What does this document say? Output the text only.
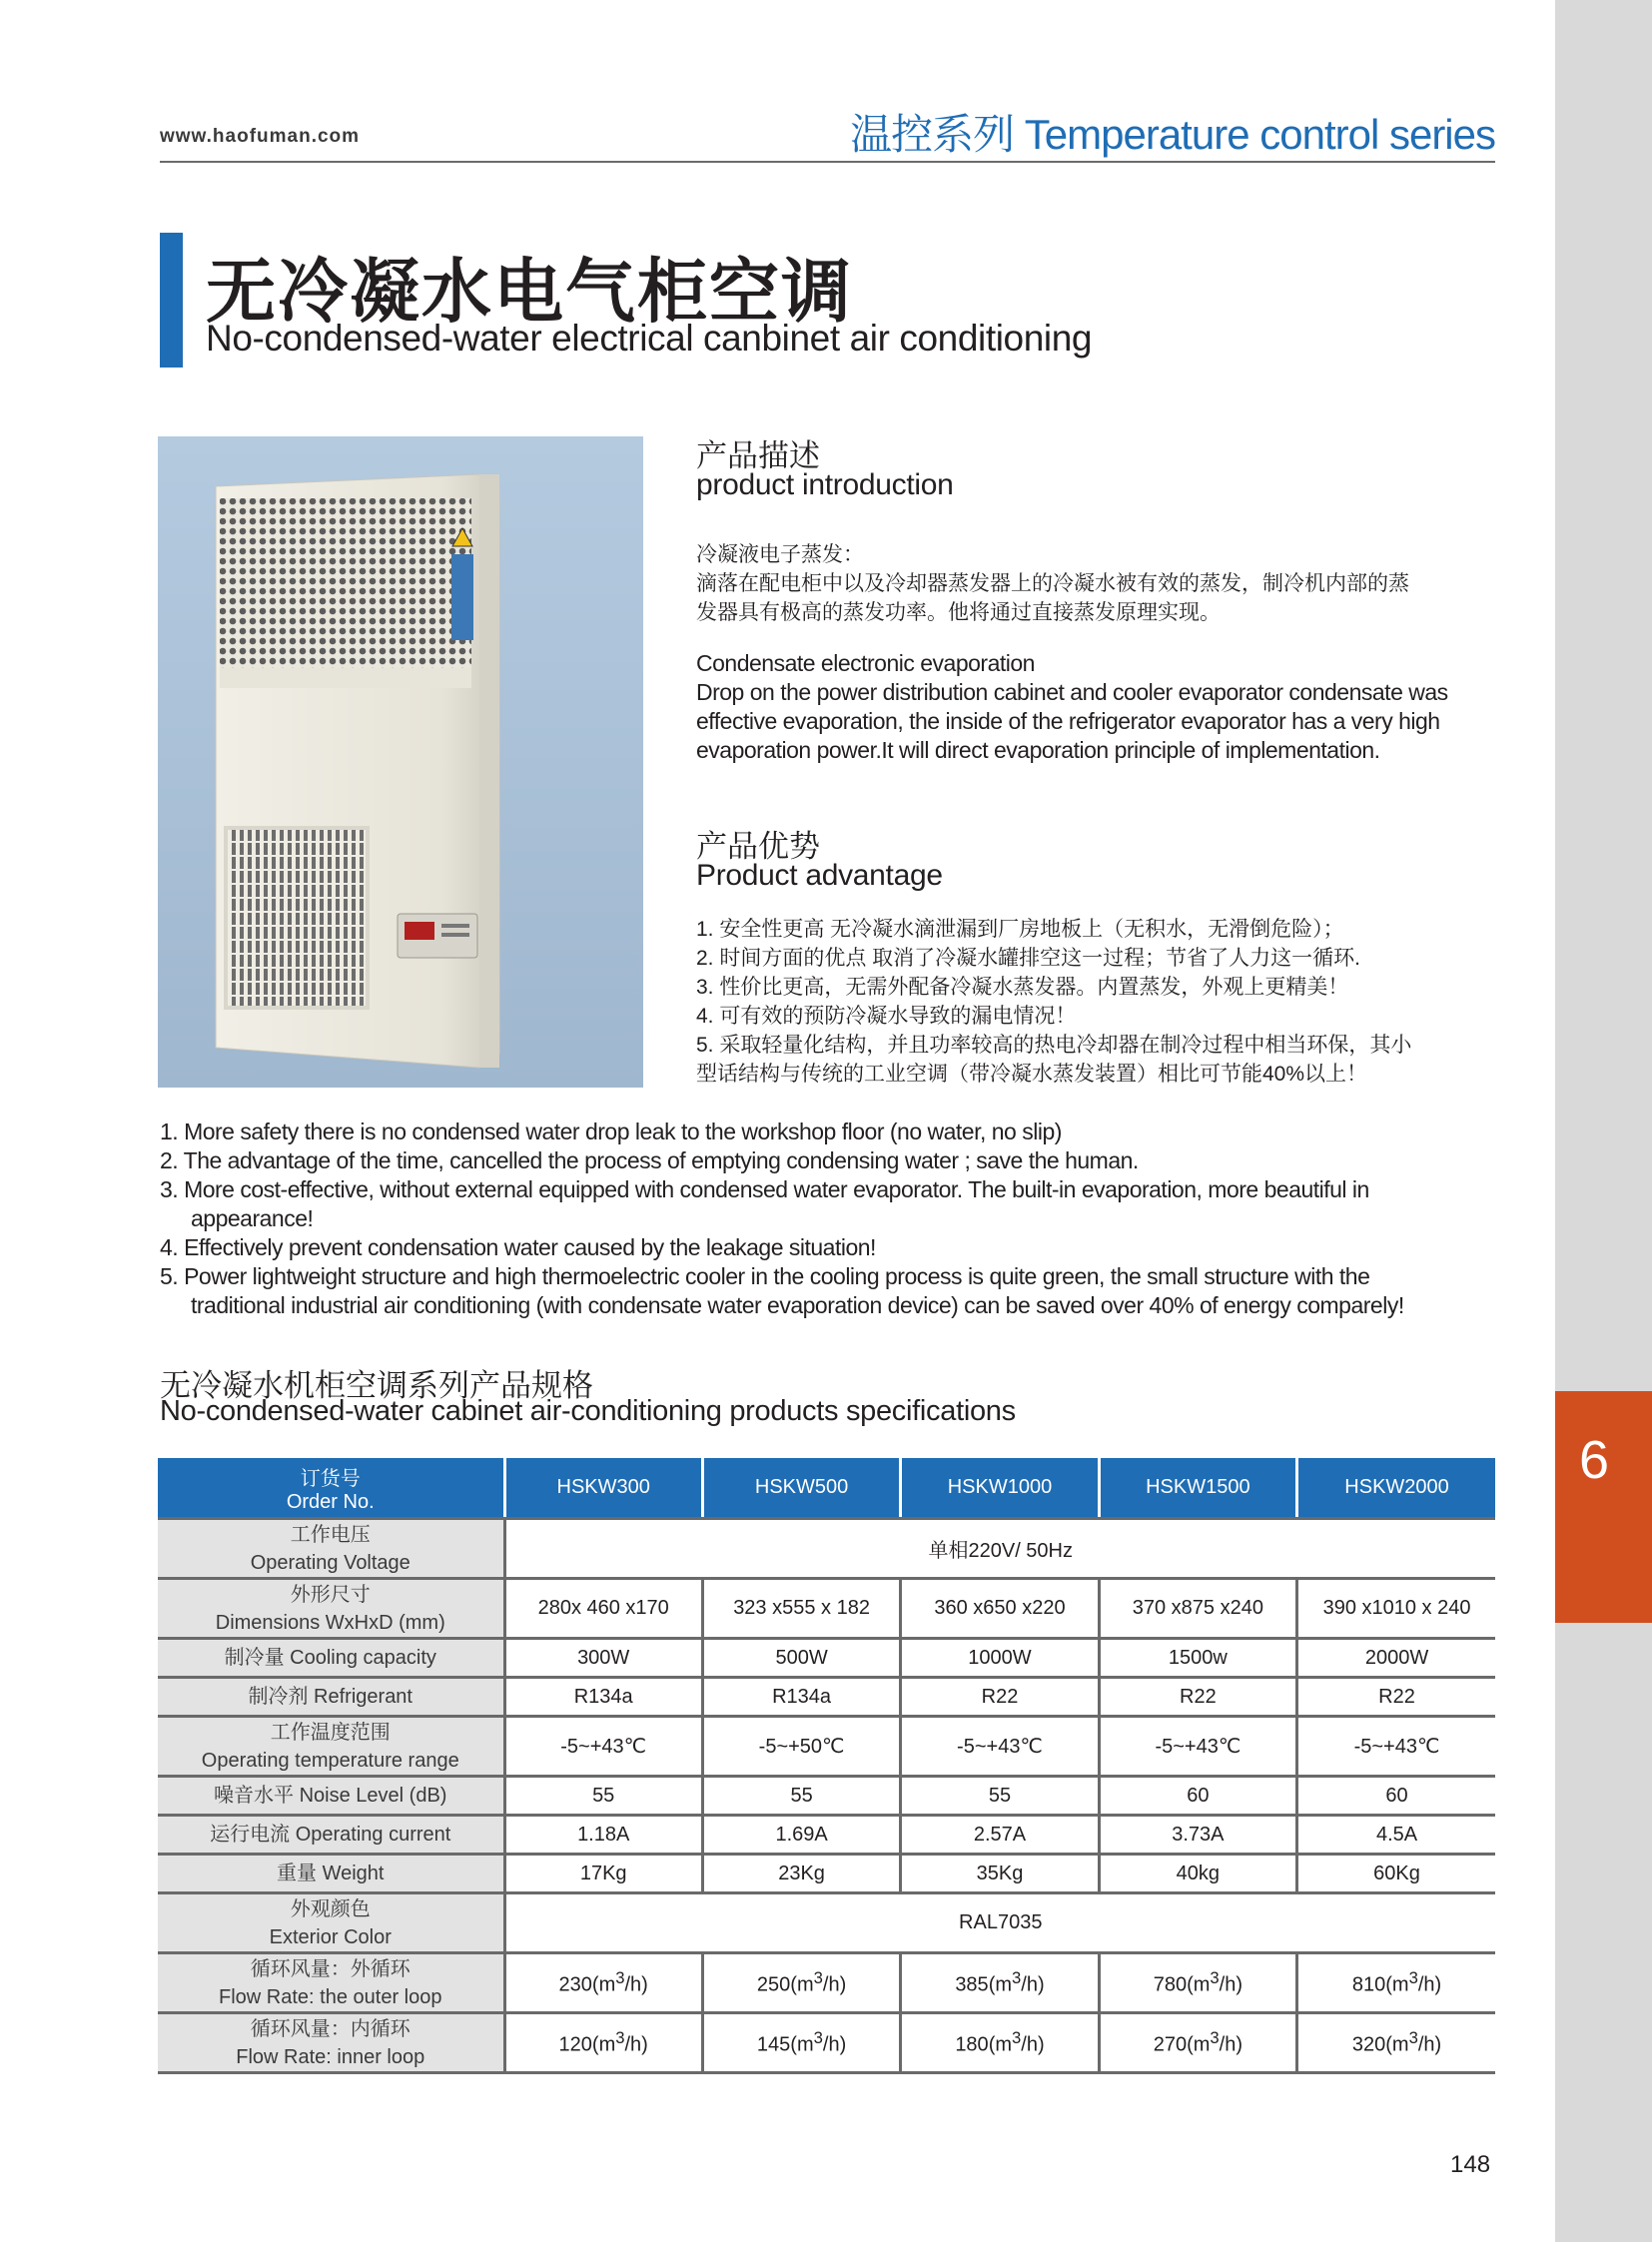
6
www.haofuman.com	温控系列 Temperature control series
无冷凝水电气柜空调
No-condensed-water electrical canbinet air conditioning
产品描述
product introduction
冷凝液电子蒸发：
滴落在配电柜中以及冷却器蒸发器上的冷凝水被有效的蒸发，制冷机内部的蒸
发器具有极高的蒸发功率。他将通过直接蒸发原理实现。
Condensate electronic evaporation
Drop on the power distribution cabinet and cooler evaporator condensate was
effective evaporation, the inside of the refrigerator evaporator has a very high
evaporation power.It will direct evaporation principle of implementation.
产品优势
Product advantage
1. 安全性更高 无冷凝水滴泄漏到厂房地板上（无积水，无滑倒危险）；
2. 时间方面的优点 取消了冷凝水罐排空这一过程；节省了人力这一循环.
3. 性价比更高，无需外配备冷凝水蒸发器。内置蒸发，外观上更精美！
4. 可有效的预防冷凝水导致的漏电情况！
5. 采取轻量化结构，并且功率较高的热电冷却器在制冷过程中相当环保，其小
型话结构与传统的工业空调（带冷凝水蒸发装置）相比可节能40%以上！
1. More safety there is no condensed water drop leak to the workshop floor (no water, no slip)
2. The advantage of the time, cancelled the process of emptying condensing water ; save the human.
3. More cost-effective, without external equipped with condensed water evaporator. The built-in evaporation, more beautiful in
appearance!
4. Effectively prevent condensation water caused by the leakage situation!
5. Power lightweight structure and high thermoelectric cooler in the cooling process is quite green, the small structure with the
traditional industrial air conditioning (with condensate water evaporation device) can be saved over 40% of energy comparely!
无冷凝水机柜空调系列产品规格
No-condensed-water cabinet air-conditioning products specifications
订货号
Order No.	HSKW300	HSKW500	HSKW1000	HSKW1500	HSKW2000

工作电压
Operating Voltage	单相220V/ 50Hz				

外形尺寸
Dimensions WxHxD (mm)	280x 460 x170	323 x555 x 182	360 x650 x220	370 x875 x240	390 x1010 x 240
制冷量 Cooling capacity	300W	500W	1000W	1500w	2000W
制冷剂 Refrigerant	R134a	R134a	R22	R22	R22

工作温度范围
Operating temperature range	-5~+43℃	-5~+50℃	-5~+43℃	-5~+43℃	-5~+43℃
噪音水平 Noise Level (dB)	55	55	55	60	60
运行电流 Operating current	1.18A	1.69A	2.57A	3.73A	4.5A
重量 Weight	17Kg	23Kg	35Kg	40kg	60Kg

外观颜色
Exterior Color	RAL7035				

循环风量：外循环
Flow Rate: the outer loop	$230(m^3/h)$	$250(m^3/h)$	$385(m^3/h)$	$780(m^3/h)$	$810(m^3/h)$

循环风量：内循环
Flow Rate: inner loop	$120(m^3/h)$	$145(m^3/h)$	$180(m^3/h)$	$270(m^3/h)$	$320(m^3/h)$
148
